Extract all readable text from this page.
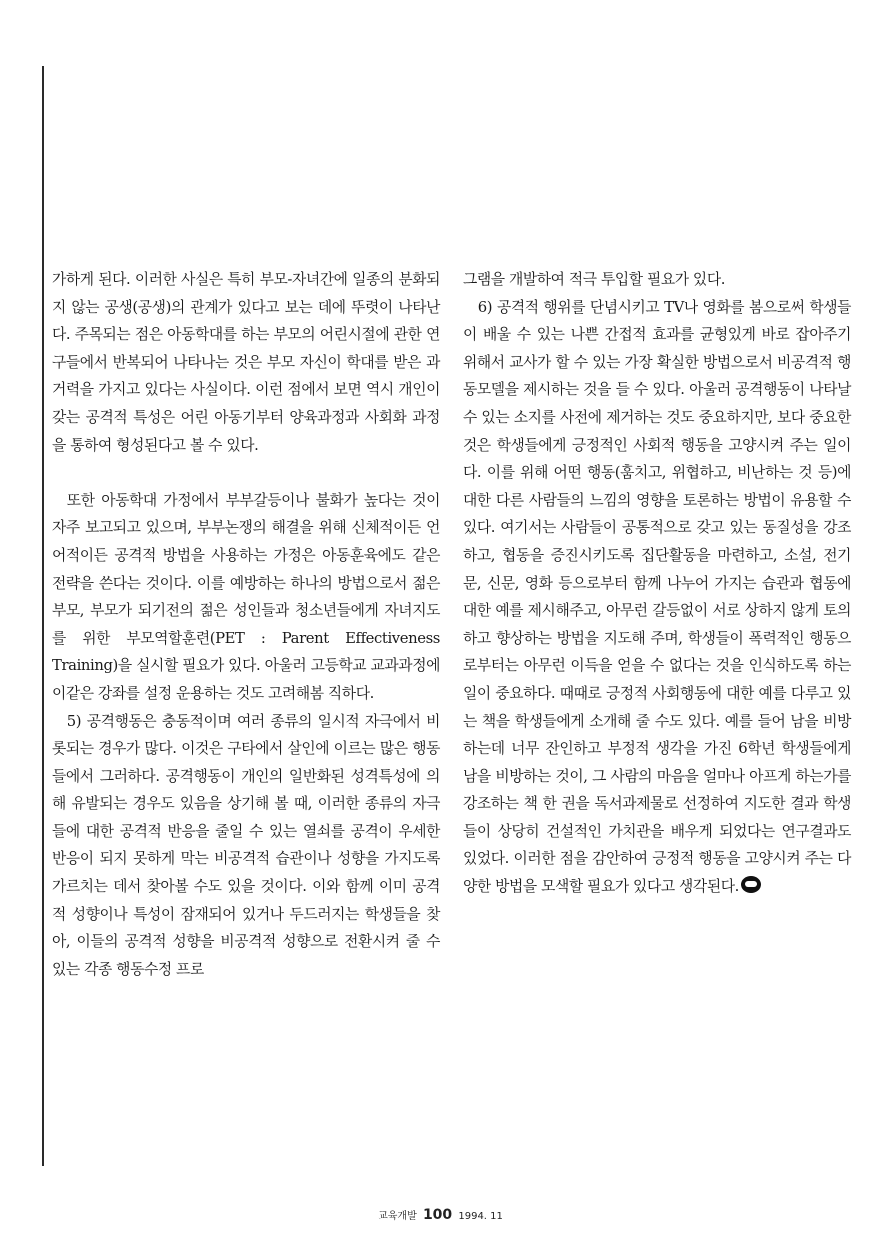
가하게 된다. 이러한 사실은 특히 부모-자녀간에 일종의 분화되지 않는 공생(공생)의 관계가 있다고 보는 데에 뚜렷이 나타난다. 주목되는 점은 아동학대를 하는 부모의 어린시절에 관한 연구들에서 반복되어 나타나는 것은 부모 자신이 학대를 받은 과거력을 가지고 있다는 사실이다. 이런 점에서 보면 역시 개인이 갖는 공격적 특성은 어린 아동기부터 양육과정과 사회화 과정을 통하여 형성된다고 볼 수 있다.

또한 아동학대 가정에서 부부갈등이나 불화가 높다는 것이 자주 보고되고 있으며, 부부논쟁의 해결을 위해 신체적이든 언어적이든 공격적 방법을 사용하는 가정은 아동훈육에도 같은 전략을 쓴다는 것이다. 이를 예방하는 하나의 방법으로서 젊은 부모, 부모가 되기전의 젊은 성인들과 청소년들에게 자녀지도를 위한 부모역할훈련(PET : Parent Effectiveness Training)을 실시할 필요가 있다. 아울러 고등학교 교과과정에 이같은 강좌를 설정 운용하는 것도 고려해봄 직하다.

5) 공격행동은 충동적이며 여러 종류의 일시적 자극에서 비롯되는 경우가 많다. 이것은 구타에서 살인에 이르는 많은 행동들에서 그러하다. 공격행동이 개인의 일반화된 성격특성에 의해 유발되는 경우도 있음을 상기해 볼 때, 이러한 종류의 자극들에 대한 공격적 반응을 줄일 수 있는 열쇠를 공격이 우세한 반응이 되지 못하게 막는 비공격적 습관이나 성향을 가지도록 가르치는 데서 찾아볼 수도 있을 것이다. 이와 함께 이미 공격적 성향이나 특성이 잠재되어 있거나 두드러지는 학생들을 찾아, 이들의 공격적 성향을 비공격적 성향으로 전환시켜 줄 수 있는 각종 행동수정 프로

그램을 개발하여 적극 투입할 필요가 있다.

6) 공격적 행위를 단념시키고 TV나 영화를 봄으로써 학생들이 배울 수 있는 나쁜 간접적 효과를 균형있게 바로 잡아주기 위해서 교사가 할 수 있는 가장 확실한 방법으로서 비공격적 행동모델을 제시하는 것을 들 수 있다. 아울러 공격행동이 나타날 수 있는 소지를 사전에 제거하는 것도 중요하지만, 보다 중요한 것은 학생들에게 긍정적인 사회적 행동을 고양시켜 주는 일이다. 이를 위해 어떤 행동(훔치고, 위협하고, 비난하는 것 등)에 대한 다른 사람들의 느낌의 영향을 토론하는 방법이 유용할 수 있다. 여기서는 사람들이 공통적으로 갖고 있는 동질성을 강조하고, 협동을 증진시키도록 집단활동을 마련하고, 소설, 전기문, 신문, 영화 등으로부터 함께 나누어 가지는 습관과 협동에 대한 예를 제시해주고, 아무런 갈등없이 서로 상하지 않게 토의하고 향상하는 방법을 지도해 주며, 학생들이 폭력적인 행동으로부터는 아무런 이득을 얻을 수 없다는 것을 인식하도록 하는 일이 중요하다. 때때로 긍정적 사회행동에 대한 예를 다루고 있는 책을 학생들에게 소개해 줄 수도 있다. 예를 들어 남을 비방하는데 너무 잔인하고 부정적 생각을 가진 6학년 학생들에게 남을 비방하는 것이, 그 사람의 마음을 얼마나 아프게 하는가를 강조하는 책 한 권을 독서과제물로 선정하여 지도한 결과 학생들이 상당히 건설적인 가치관을 배우게 되었다는 연구결과도 있었다. 이러한 점을 감안하여 긍정적 행동을 고양시켜 주는 다양한 방법을 모색할 필요가 있다고 생각된다.

교육개발 100 1994. 11
